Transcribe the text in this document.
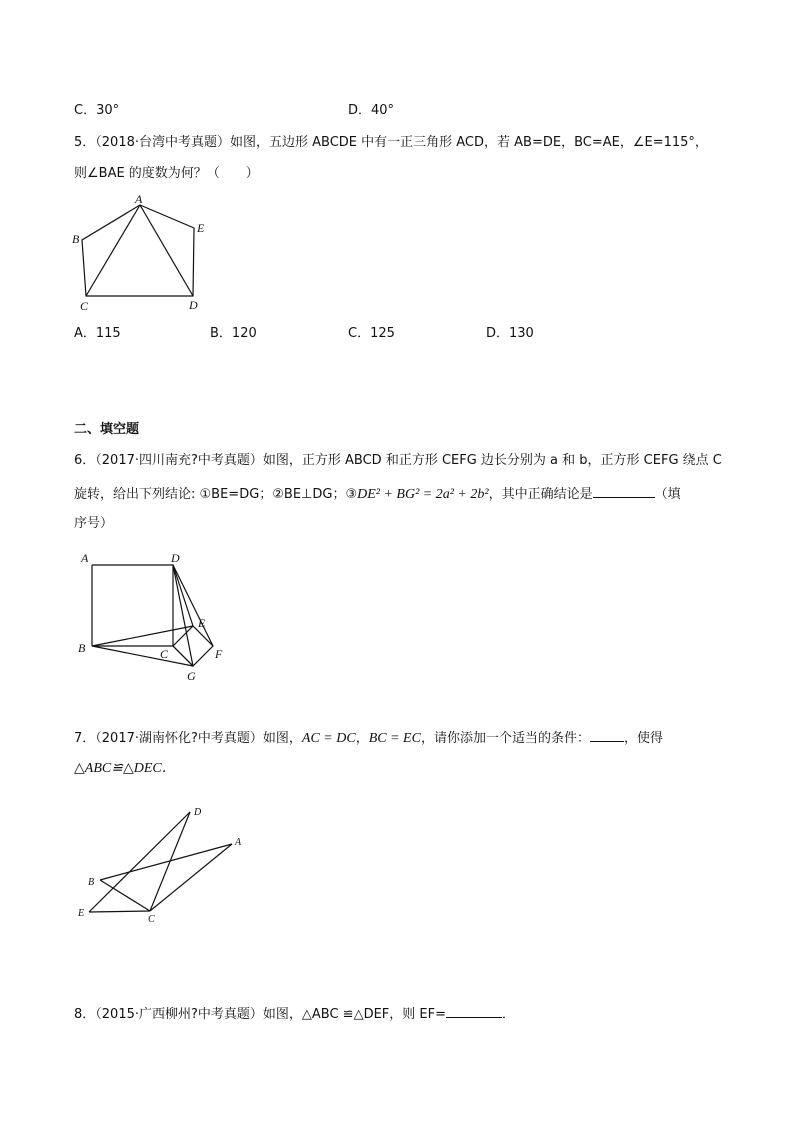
C．30°	D．40°
5．（2018·台湾中考真题）如图，五边形 ABCDE 中有一正三角形 ACD，若 AB=DE，BC=AE，∠E=115°，
则∠BAE 的度数为何？（　　）
A
B
C	D
E
A．115	B．120	C．125	D．130
二、填空题
6．（2017·四川南充?中考真题）如图，正方形 ABCD 和正方形 CEFG 边长分别为 a 和 b，正方形 CEFG 绕点 C
旋转，给出下列结论: ①BE=DG；②BE⊥DG；③DE² + BG² = 2a² + 2b²，其中正确结论是	（填
序号）
A	D
E
B	C	F
G
7．（2017·湖南怀化?中考真题）如图，AC = DC，BC = EC，请你添加一个适当的条件：	，使得
△ABC≌△DEC．
D
A
B
E
C
8．（2015·广西柳州?中考真题）如图，△ABC ≌△DEF，则 EF=	．
